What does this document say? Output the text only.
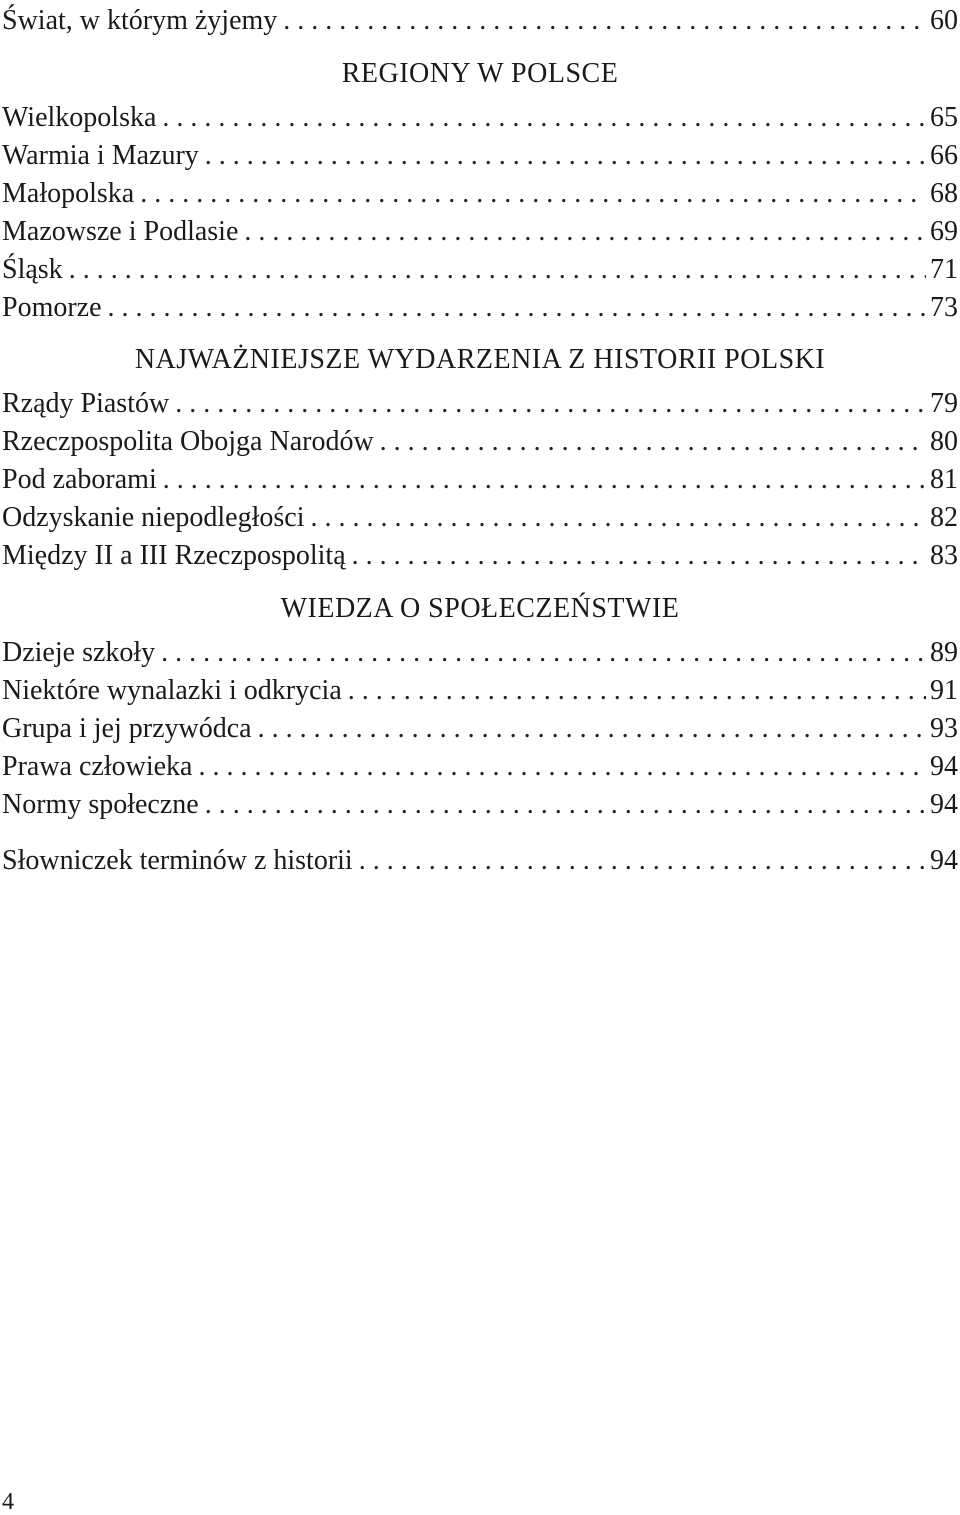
Świat, w którym żyjemy . . .	60
REGIONY W POLSCE
Wielkopolska . . .	65
Warmia i Mazury . . .	66
Małopolska . . .	68
Mazowsze i Podlasie . . .	69
Śląsk . . .	71
Pomorze . . .	73
NAJWAŻNIEJSZE WYDARZENIA Z HISTORII POLSKI
Rządy Piastów . . .	79
Rzeczpospolita Obojga Narodów . . .	80
Pod zaborami . . .	81
Odzyskanie niepodległości . . .	82
Między II a III Rzeczpospolitą . . .	83
WIEDZA O SPOŁECZEŃSTWIE
Dzieje szkoły . . .	89
Niektóre wynalazki i odkrycia . . .	91
Grupa i jej przywódca . . .	93
Prawa człowieka . . .	94
Normy społeczne . . .	94
Słowniczek terminów z historii . . .	94
4
